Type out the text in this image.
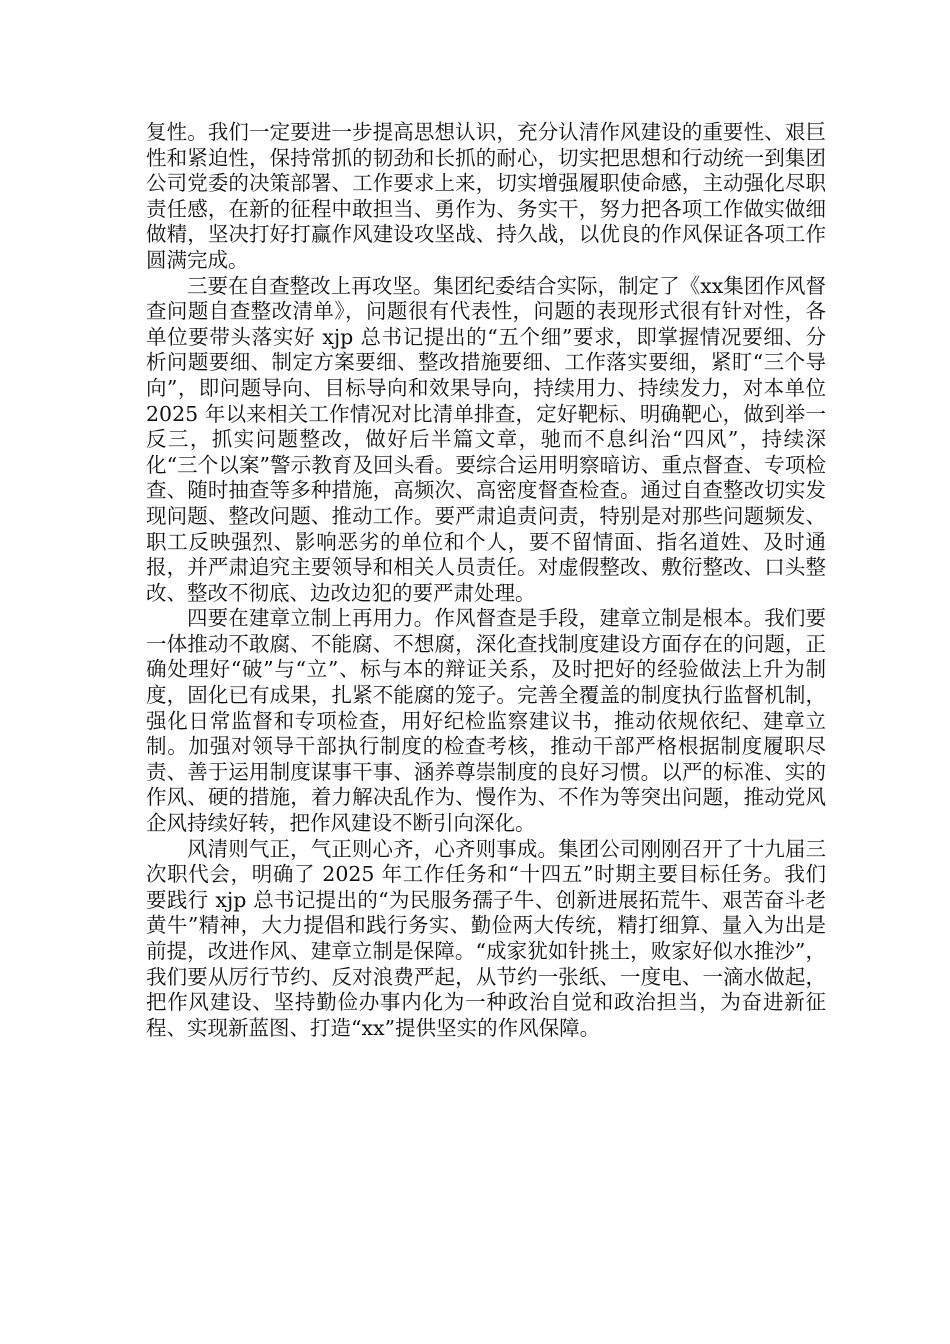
复性。我们一定要进一步提高思想认识，充分认清作风建设的重要性、艰巨性和紧迫性，保持常抓的韧劲和长抓的耐心，切实把思想和行动统一到集团公司党委的决策部署、工作要求上来，切实增强履职使命感，主动强化尽职责任感，在新的征程中敢担当、勇作为、务实干，努力把各项工作做实做细做精，坚决打好打赢作风建设攻坚战、持久战，以优良的作风保证各项工作圆满完成。

三要在自查整改上再攻坚。集团纪委结合实际，制定了《xx集团作风督查问题自查整改清单》，问题很有代表性，问题的表现形式很有针对性，各单位要带头落实好 xjp 总书记提出的“五个细”要求，即掌握情况要细、分析问题要细、制定方案要细、整改措施要细、工作落实要细，紧盯“三个导向”，即问题导向、目标导向和效果导向，持续用力、持续发力，对本单位 2025 年以来相关工作情况对比清单排查，定好靶标、明确靶心，做到举一反三，抓实问题整改，做好后半篇文章，驰而不息纠治“四风”，持续深化“三个以案”警示教育及回头看。要综合运用明察暗访、重点督查、专项检查、随时抽查等多种措施，高频次、高密度督查检查。通过自查整改切实发现问题、整改问题、推动工作。要严肃追责问责，特别是对那些问题频发、职工反映强烈、影响恶劣的单位和个人，要不留情面、指名道姓、及时通报，并严肃追究主要领导和相关人员责任。对虚假整改、敷衍整改、口头整改、整改不彻底、边改边犯的要严肃处理。

四要在建章立制上再用力。作风督查是手段，建章立制是根本。我们要一体推动不敢腐、不能腐、不想腐，深化查找制度建设方面存在的问题，正确处理好“破”与“立”、标与本的辩证关系，及时把好的经验做法上升为制度，固化已有成果，扎紧不能腐的笼子。完善全覆盖的制度执行监督机制，强化日常监督和专项检查，用好纪检监察建议书，推动依规依纪、建章立制。加强对领导干部执行制度的检查考核，推动干部严格根据制度履职尽责、善于运用制度谋事干事、涵养尊崇制度的良好习惯。以严的标准、实的作风、硬的措施，着力解决乱作为、慢作为、不作为等突出问题，推动党风企风持续好转，把作风建设不断引向深化。

风清则气正，气正则心齐，心齐则事成。集团公司刚刚召开了十九届三次职代会，明确了 2025 年工作任务和“十四五”时期主要目标任务。我们要践行 xjp 总书记提出的“为民服务孺子牛、创新进展拓荒牛、艰苦奋斗老黄牛”精神，大力提倡和践行务实、勤俭两大传统，精打细算、量入为出是前提，改进作风、建章立制是保障。“成家犹如针挑土，败家好似水推沙”，我们要从厉行节约、反对浪费严起，从节约一张纸、一度电、一滴水做起，把作风建设、坚持勤俭办事内化为一种政治自觉和政治担当，为奋进新征程、实现新蓝图、打造“xx”提供坚实的作风保障。
